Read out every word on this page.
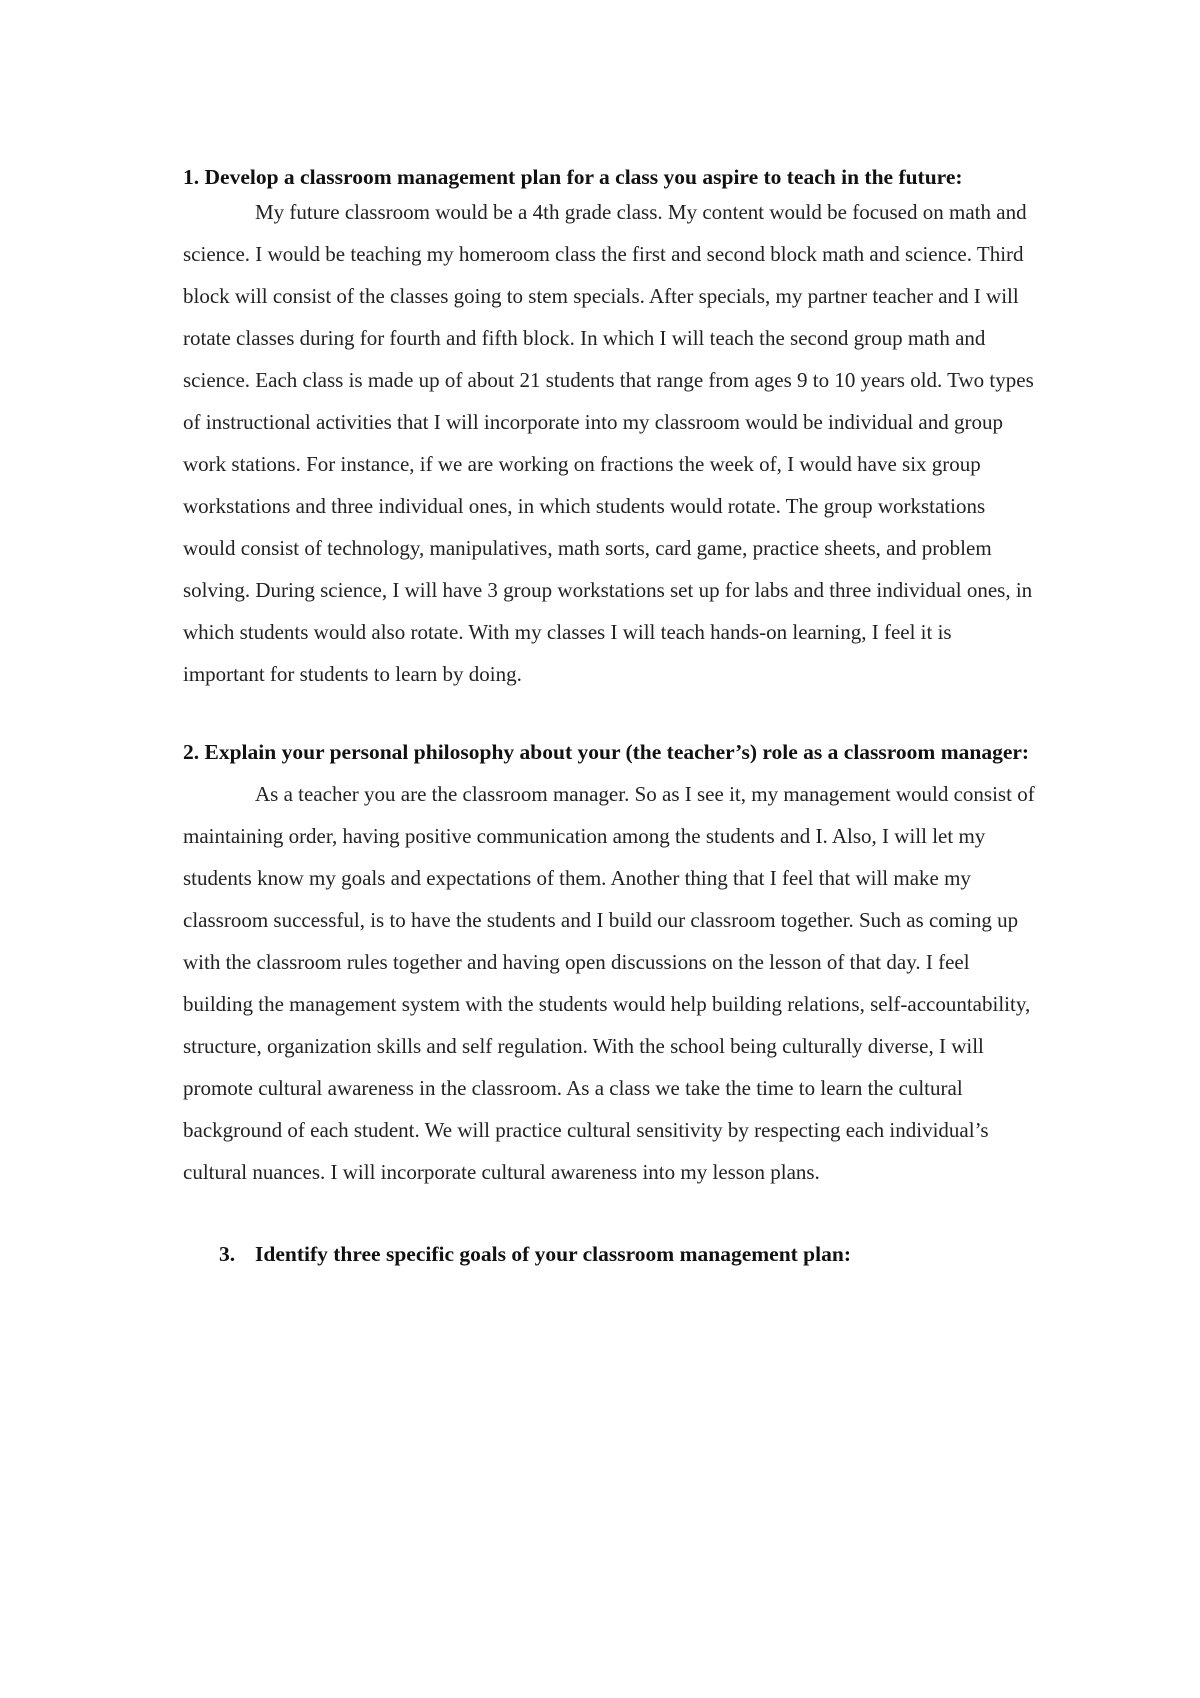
1. Develop a classroom management plan for a class you aspire to teach in the future:

My future classroom would be a 4th grade class. My content would be focused on math and science. I would be teaching my homeroom class the first and second block math and science. Third block will consist of the classes going to stem specials. After specials, my partner teacher and I will rotate classes during for fourth and fifth block. In which I will teach the second group math and science. Each class is made up of about 21 students that range from ages 9 to 10 years old. Two types of instructional activities that I will incorporate into my classroom would be individual and group work stations. For instance, if we are working on fractions the week of, I would have six group workstations and three individual ones, in which students would rotate. The group workstations would consist of technology, manipulatives, math sorts, card game, practice sheets, and problem solving. During science, I will have 3 group workstations set up for labs and three individual ones, in which students would also rotate. With my classes I will teach hands-on learning, I feel it is important for students to learn by doing.

2. Explain your personal philosophy about your (the teacher’s) role as a classroom manager:

As a teacher you are the classroom manager. So as I see it, my management would consist of maintaining order, having positive communication among the students and I. Also, I will let my students know my goals and expectations of them. Another thing that I feel that will make my classroom successful, is to have the students and I build our classroom together. Such as coming up with the classroom rules together and having open discussions on the lesson of that day. I feel building the management system with the students would help building relations, self-accountability, structure, organization skills and self regulation. With the school being culturally diverse, I will promote cultural awareness in the classroom. As a class we take the time to learn the cultural background of each student. We will practice cultural sensitivity by respecting each individual’s cultural nuances. I will incorporate cultural awareness into my lesson plans.

3. Identify three specific goals of your classroom management plan:
